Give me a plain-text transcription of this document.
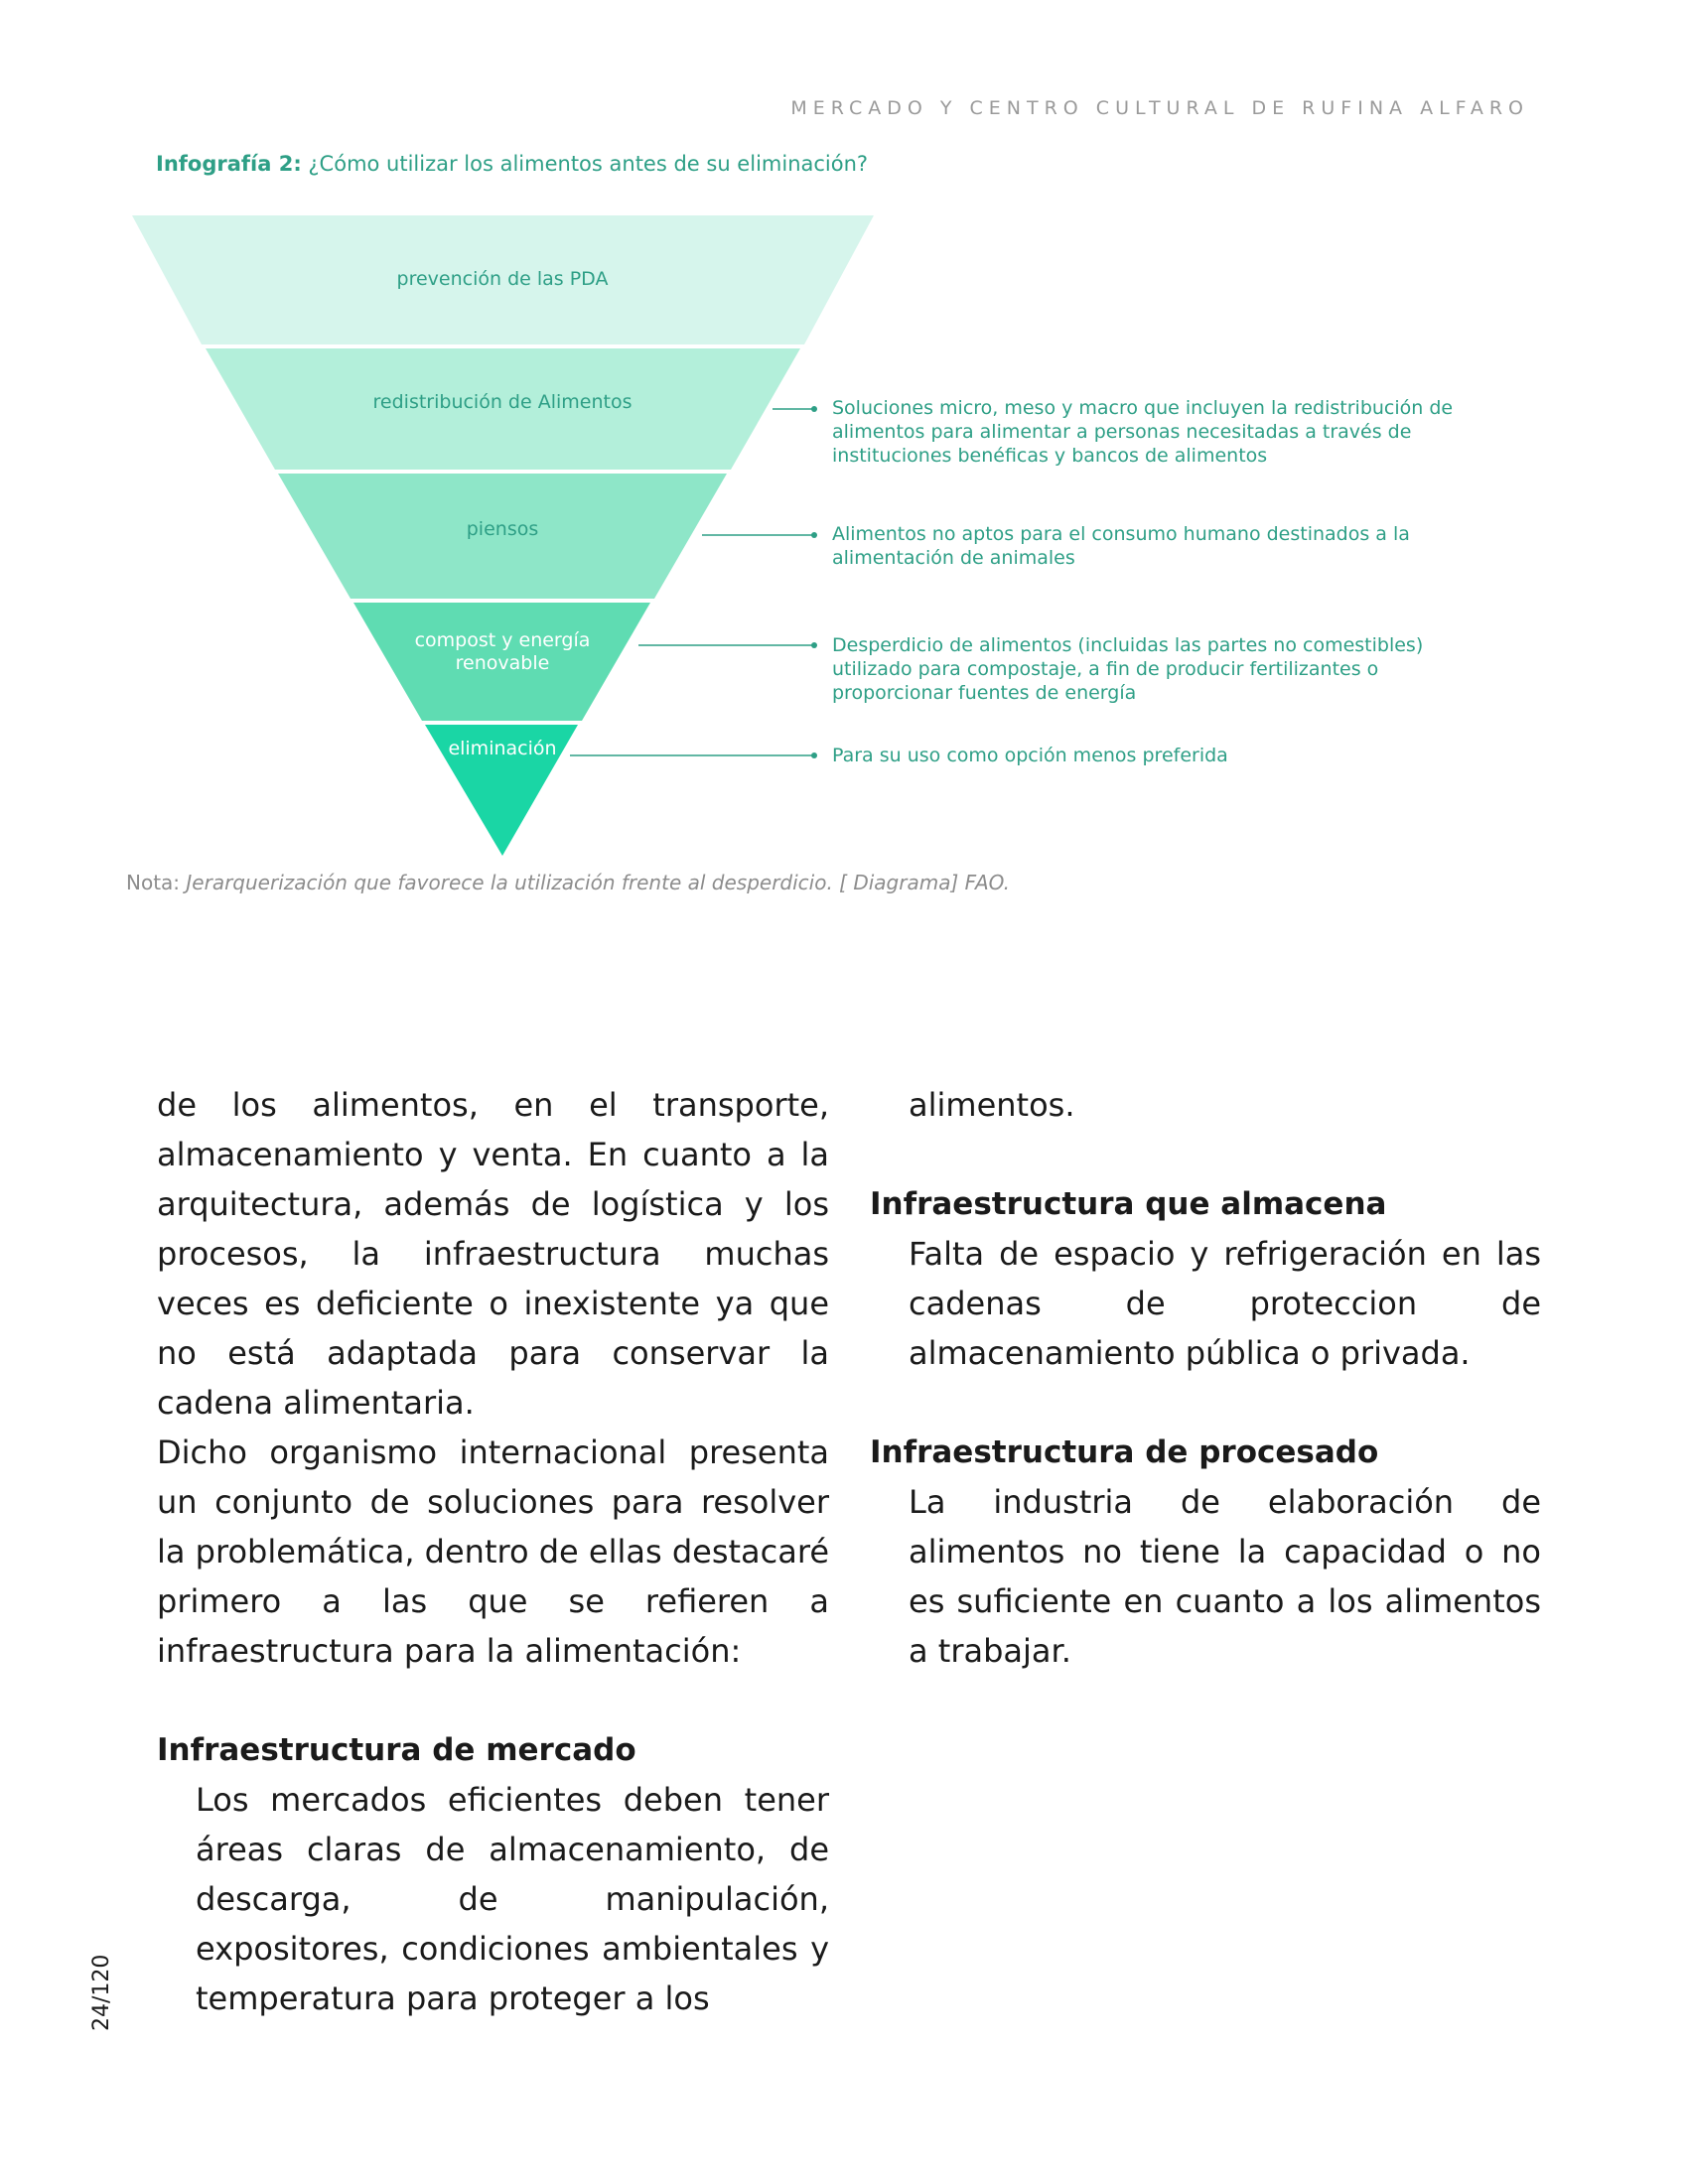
MERCADO Y CENTRO CULTURAL DE RUFINA ALFARO
Infografía 2: ¿Cómo utilizar los alimentos antes de su eliminación?
prevención de las PDA
redistribución de Alimentos
piensos
compost y energía renovable
eliminación
Soluciones micro, meso y macro que incluyen la redistribución de alimentos para alimentar a personas necesitadas a través de instituciones benéficas y bancos de alimentos
Alimentos no aptos para el consumo humano destinados a la alimentación de animales
Desperdicio de alimentos (incluidas las partes no comestibles) utilizado para compostaje, a fin de producir fertilizantes o proporcionar fuentes de energía
Para su uso como opción menos preferida
Nota: Jerarquerización que favorece la utilización frente al desperdicio. [ Diagrama] FAO.

de los alimentos, en el transporte, almacenamiento y venta. En cuanto a la arquitectura, además de logística y los procesos, la infraestructura muchas veces es deficiente o inexistente ya que no está adaptada para conservar la cadena alimentaria.

Dicho organismo internacional presenta un conjunto de soluciones para resolver la problemática, dentro de ellas destacaré primero a las que se refieren a infraestructura para la alimentación:

Infraestructura de mercado

Los mercados eficientes deben tener áreas claras de almacenamiento, de descarga, de manipulación, expositores, condiciones ambientales y temperatura para proteger a los

alimentos.

Infraestructura que almacena

Falta de espacio y refrigeración en las cadenas de proteccion de almacenamiento pública o privada.

Infraestructura de procesado

La industria de elaboración de alimentos no tiene la capacidad o no es suficiente en cuanto a los alimentos a trabajar.

24/120
